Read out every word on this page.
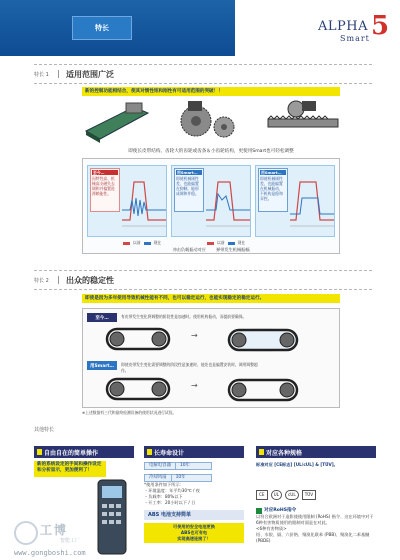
特长	ALPHA
Smart 5
特长 1	适用范围广泛
新的控制功能相结合，使其对惯性矩和刚性有可适用范围的突破！！
即使长皮带结构、齿轮大的齿轮或齿条＆小齿轮结构，更使用Smart也可轻松调整
至今…
因特性高、机械高支磁失去调和并偏置进滞赖能性。
用Smart…
即使机械刚性差，也能偏置在抑制，能形成调和并稳。
用Smart…
即使机械刚性差，也能偏置在机械振动，不机构是稳和弄控。
以前	现在	以前	现在
冲击负载振动对应 弹带发生机械振幅
特长 2	出众的稳定性
即使是因为多年使用导致机械性能有不同，也可以稳定运行，也能实现稳定的稳定运行。
至今…	有皮带发生变化将调整的阶段性是加速时。使用机构振动，而提前要确保。
→
用Smart…	即使皮带发生变化需要调整的阶段性是加速时，他处也是偏置安装时，调用调整超作。
→
※上述数据有三代和最终检测设备的使用状况进行试验。
其他特长
自由自在的简单操作
新的系统设定的手间和操作设定和分析显示，更加便利了！
长寿命设计
电解电容器	10年
冷却风扇	10年
*使用条件如下所示：
・环境温度：年平均30℃ / 夜
・负载率：80%以下
・开工率：20小时以下 / 日
ABS 电池支持简单
可使用的安全电池更换
ABS也可有电
实现高速连接了！
对应各种规格
标准对应 [CE标志] [UL/cUL] & [TÜV]。
CE	UL	cUL	TÜV
对应RoHS指令
以符合欧洲对于造影使使用限制 (RoHS) 指令、这在环境中对于6种有害物质使用的限制对面是在对此。
<6种有害物质>
铅、水银、镉、六价铬、聚溴化联苯 (PBB)、聚溴化二苯基醚 (PBDE)
工博
智能工厂
www.gongboshi.com
